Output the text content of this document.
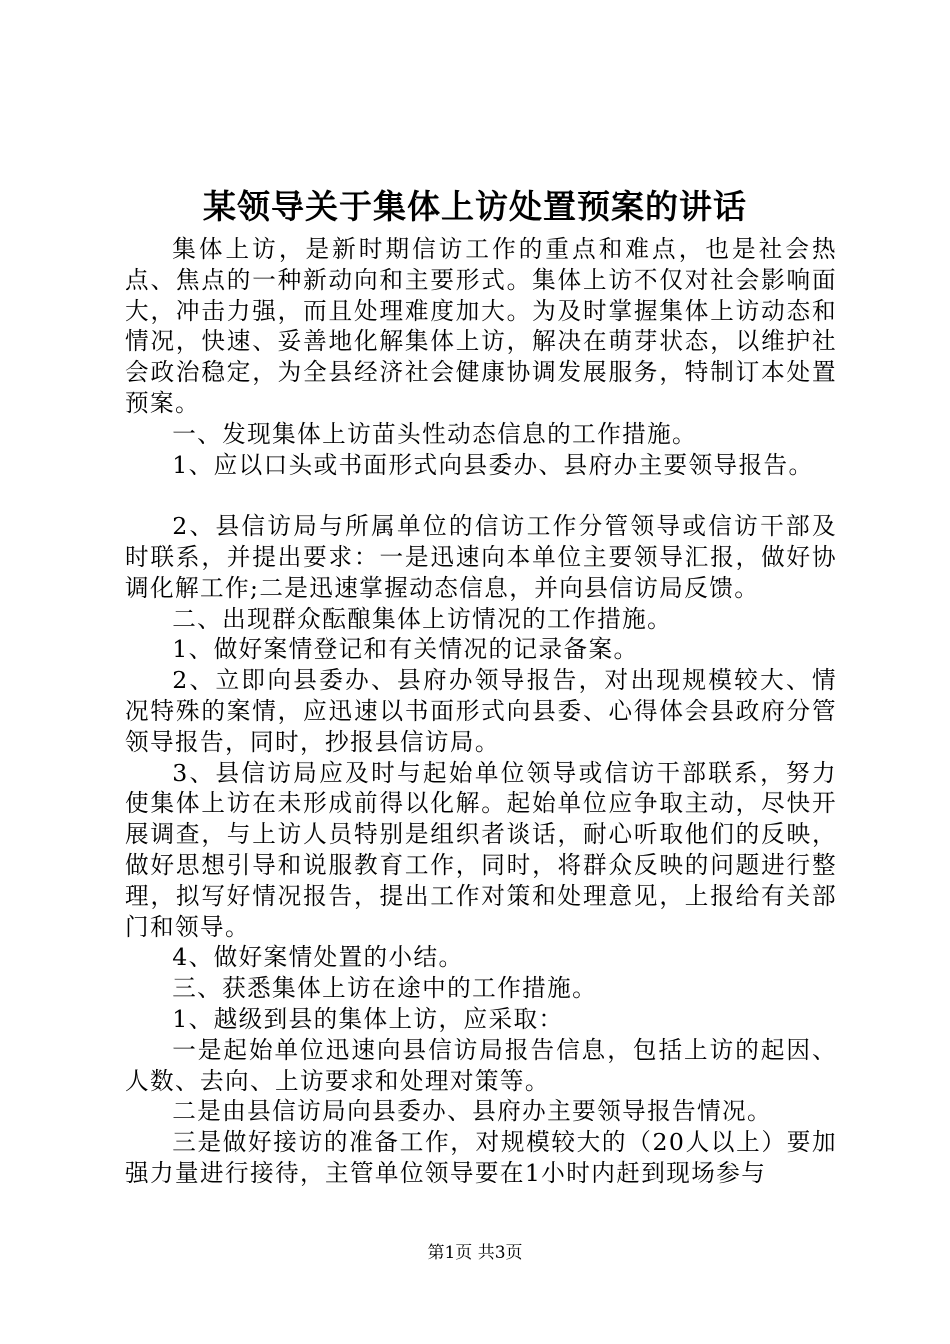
某领导关于集体上访处置预案的讲话

集体上访，是新时期信访工作的重点和难点，也是社会热点、焦点的一种新动向和主要形式。集体上访不仅对社会影响面大，冲击力强，而且处理难度加大。为及时掌握集体上访动态和情况，快速、妥善地化解集体上访，解决在萌芽状态，以维护社会政治稳定，为全县经济社会健康协调发展服务，特制订本处置预案。

一、发现集体上访苗头性动态信息的工作措施。

1、应以口头或书面形式向县委办、县府办主要领导报告。

2、县信访局与所属单位的信访工作分管领导或信访干部及时联系，并提出要求：一是迅速向本单位主要领导汇报，做好协调化解工作;二是迅速掌握动态信息，并向县信访局反馈。

二、出现群众酝酿集体上访情况的工作措施。

1、做好案情登记和有关情况的记录备案。

2、立即向县委办、县府办领导报告，对出现规模较大、情况特殊的案情，应迅速以书面形式向县委、心得体会县政府分管领导报告，同时，抄报县信访局。

3、县信访局应及时与起始单位领导或信访干部联系，努力使集体上访在未形成前得以化解。起始单位应争取主动，尽快开展调查，与上访人员特别是组织者谈话，耐心听取他们的反映，做好思想引导和说服教育工作，同时，将群众反映的问题进行整理，拟写好情况报告，提出工作对策和处理意见，上报给有关部门和领导。

4、做好案情处置的小结。

三、获悉集体上访在途中的工作措施。

1、越级到县的集体上访，应采取：

一是起始单位迅速向县信访局报告信息，包括上访的起因、人数、去向、上访要求和处理对策等。

二是由县信访局向县委办、县府办主要领导报告情况。

三是做好接访的准备工作，对规模较大的（20人以上）要加强力量进行接待，主管单位领导要在1小时内赶到现场参与

第1页 共3页
